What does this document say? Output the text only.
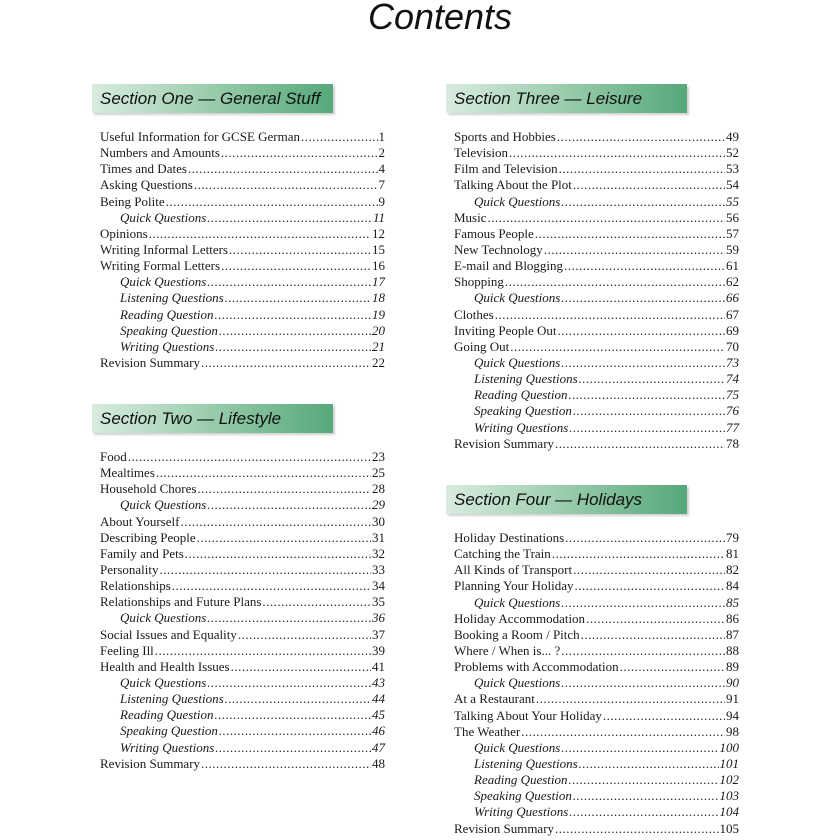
Contents
Section One — General Stuff
Useful Information for GCSE German .....	1
Numbers and Amounts .....	2
Times and Dates .....	4
Asking Questions .....	7
Being Polite .....	9
Quick Questions .....	11
Opinions .....	12
Writing Informal Letters .....	15
Writing Formal Letters .....	16
Quick Questions .....	17
Listening Questions .....	18
Reading Question .....	19
Speaking Question .....	20
Writing Questions .....	21
Revision Summary .....	22
Section Two — Lifestyle
Food .....	23
Mealtimes .....	25
Household Chores .....	28
Quick Questions .....	29
About Yourself .....	30
Describing People .....	31
Family and Pets .....	32
Personality .....	33
Relationships .....	34
Relationships and Future Plans .....	35
Quick Questions .....	36
Social Issues and Equality .....	37
Feeling Ill .....	39
Health and Health Issues .....	41
Quick Questions .....	43
Listening Questions .....	44
Reading Question .....	45
Speaking Question .....	46
Writing Questions .....	47
Revision Summary .....	48
Section Three — Leisure
Sports and Hobbies .....	49
Television .....	52
Film and Television .....	53
Talking About the Plot .....	54
Quick Questions .....	55
Music .....	56
Famous People .....	57
New Technology .....	59
E-mail and Blogging .....	61
Shopping .....	62
Quick Questions .....	66
Clothes .....	67
Inviting People Out .....	69
Going Out .....	70
Quick Questions .....	73
Listening Questions .....	74
Reading Question .....	75
Speaking Question .....	76
Writing Questions .....	77
Revision Summary .....	78
Section Four — Holidays
Holiday Destinations .....	79
Catching the Train .....	81
All Kinds of Transport .....	82
Planning Your Holiday .....	84
Quick Questions .....	85
Holiday Accommodation .....	86
Booking a Room / Pitch .....	87
Where / When is... ? .....	88
Problems with Accommodation .....	89
Quick Questions .....	90
At a Restaurant .....	91
Talking About Your Holiday .....	94
The Weather .....	98
Quick Questions .....	100
Listening Questions .....	101
Reading Question .....	102
Speaking Question .....	103
Writing Questions .....	104
Revision Summary .....	105
